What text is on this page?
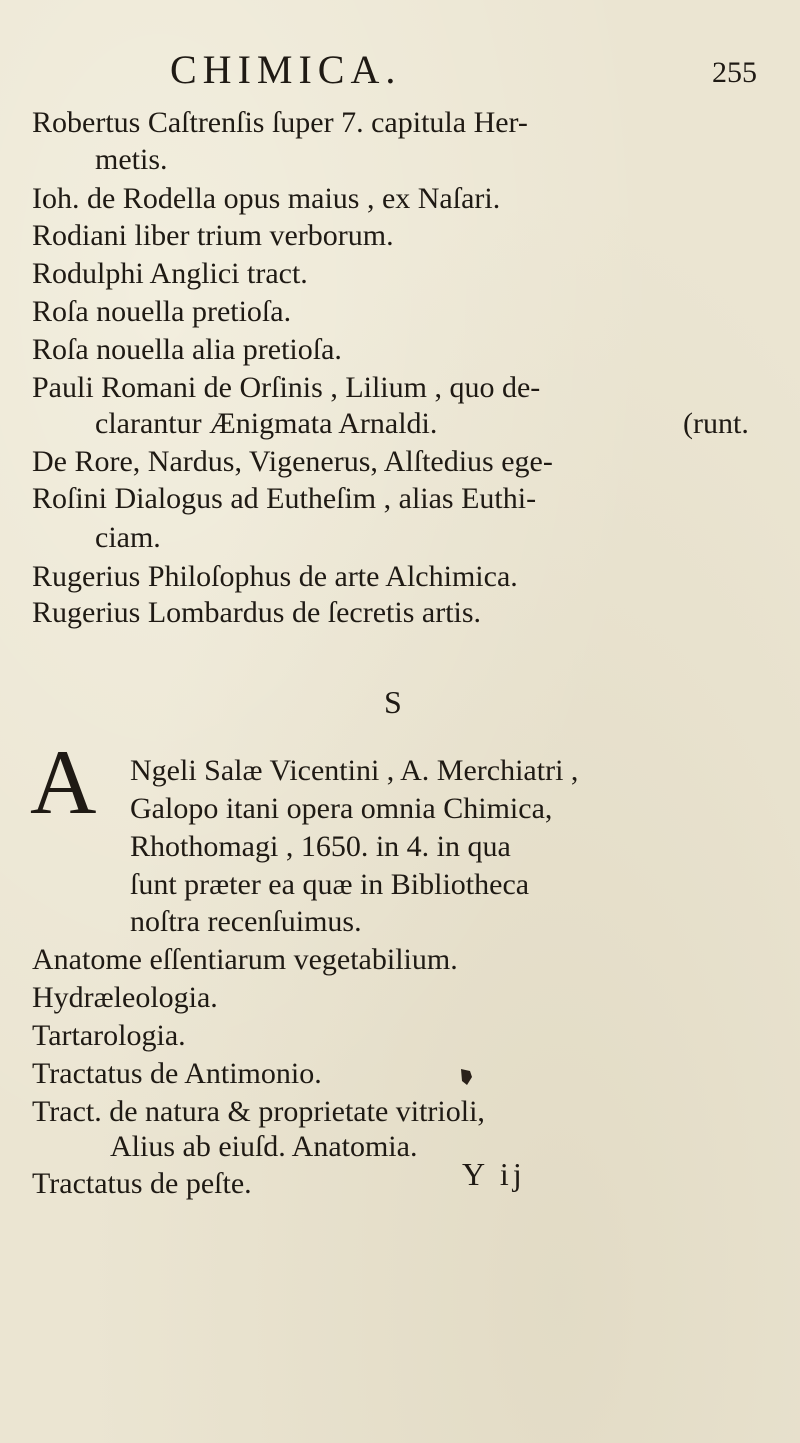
CHIMICA.	255
Robertus Caſtrenſis ſuper 7. capitula Her-
metis.
Ioh. de Rodella opus maius , ex Naſari.
Rodiani liber trium verborum.
Rodulphi Anglici tract.
Roſa nouella pretioſa.
Roſa nouella alia pretioſa.
Pauli Romani de Orſinis , Lilium , quo de-
clarantur Ænigmata Arnaldi.	(runt.
De Rore, Nardus, Vigenerus, Alſtedius ege-
Roſini Dialogus ad Eutheſim , alias Euthi-
ciam.
Rugerius Philoſophus de arte Alchimica.
Rugerius Lombardus de ſecretis artis.
S
A Ngeli Salæ Vicentini , A. Merchiatri ,
Galopo itani opera omnia Chimica,
Rhothomagi , 1650. in 4. in qua
ſunt præter ea quæ in Bibliotheca
noſtra recenſuimus.
Anatome eſſentiarum vegetabilium.
Hydræleologia.
Tartarologia.
Tractatus de Antimonio.
Tract. de natura & proprietate vitrioli,
Alius ab eiuſd. Anatomia.
Tractatus de peſte.	Y ij
